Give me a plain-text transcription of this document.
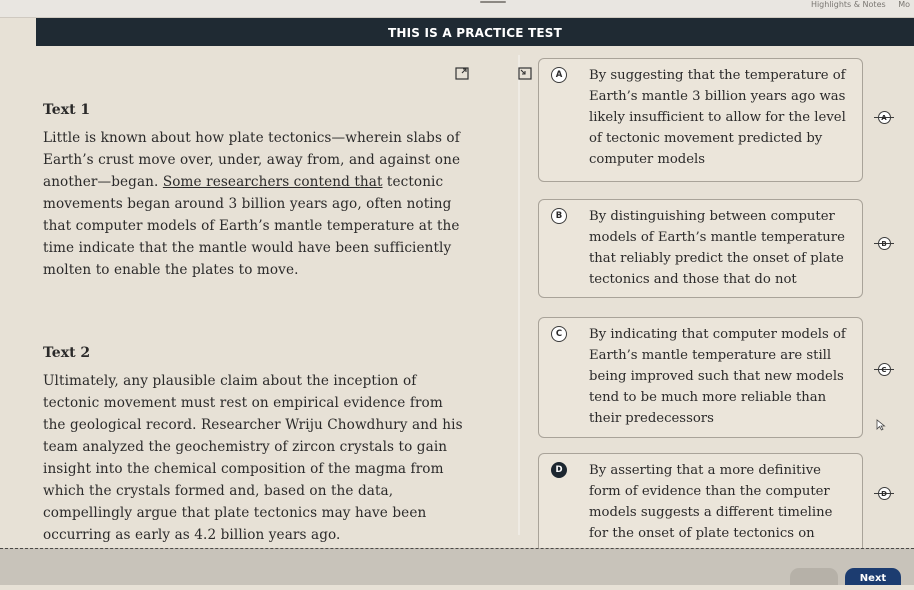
Highlights & Notes Mo
THIS IS A PRACTICE TEST

Text 1

Little is known about how plate tectonics—wherein slabs of Earth’s crust move over, under, away from, and against one another—began. Some researchers contend that tectonic movements began around 3 billion years ago, often noting that computer models of Earth’s mantle temperature at the time indicate that the mantle would have been sufficiently molten to enable the plates to move.

Text 2

Ultimately, any plausible claim about the inception of tectonic movement must rest on empirical evidence from the geological record. Researcher Wriju Chowdhury and his team analyzed the geochemistry of zircon crystals to gain insight into the chemical composition of the magma from which the crystals formed and, based on the data, compellingly argue that plate tectonics may have been occurring as early as 4.2 billion years ago.

A	By suggesting that the temperature of Earth’s mantle 3 billion years ago was likely insufficient to allow for the level of tectonic movement predicted by computer models
A
B	By distinguishing between computer models of Earth’s mantle temperature that reliably predict the onset of plate tectonics and those that do not
B
C	By indicating that computer models of Earth’s mantle temperature are still being improved such that new models tend to be much more reliable than their predecessors
C
D	By asserting that a more definitive form of evidence than the computer models suggests a different timeline for the onset of plate tectonics on
D
Next
